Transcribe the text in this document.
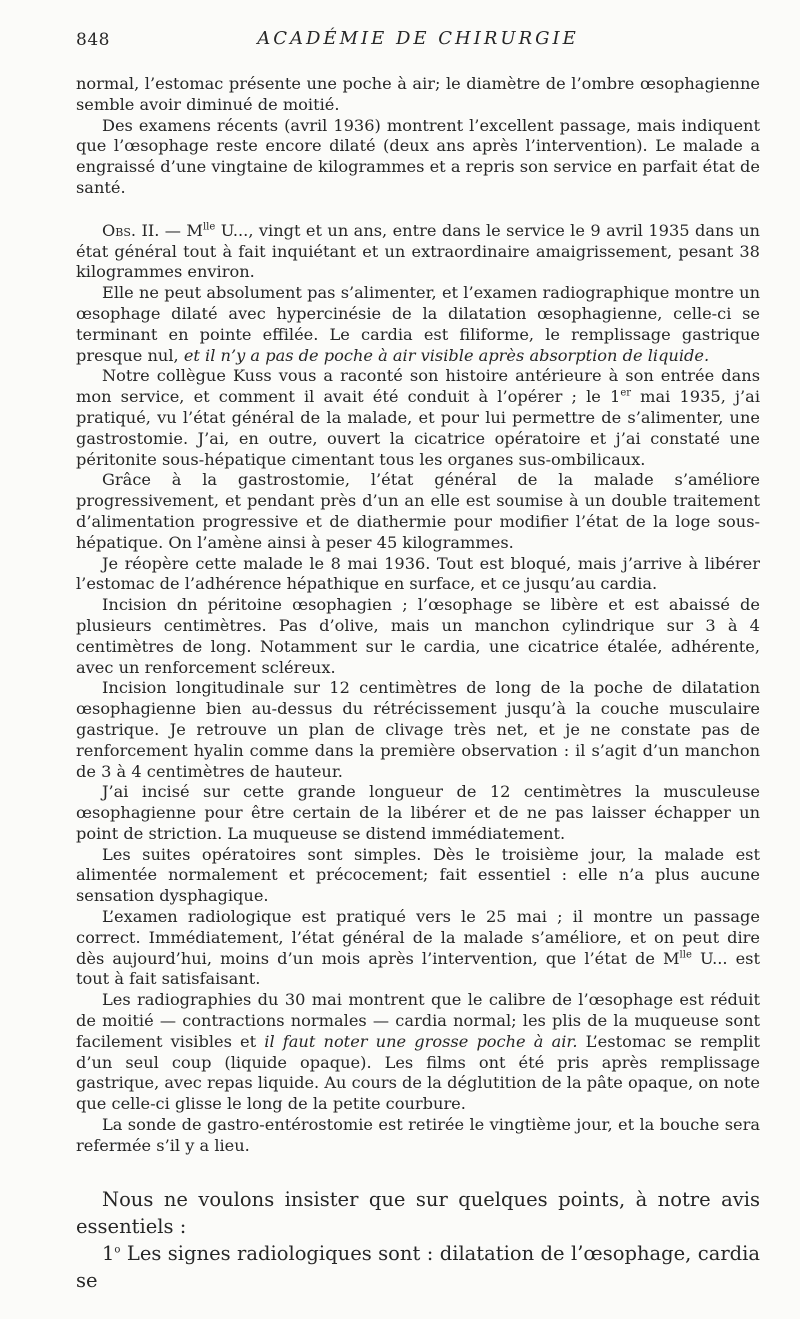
848	ACADÉMIE DE CHIRURGIE

normal, l’estomac présente une poche à air; le diamètre de l’ombre œsophagienne semble avoir diminué de moitié.

Des examens récents (avril 1936) montrent l’excellent passage, mais indiquent que l’œsophage reste encore dilaté (deux ans après l’intervention). Le malade a engraissé d’une vingtaine de kilogrammes et a repris son service en parfait état de santé.

Obs. II. — $M^{lle}$ U..., vingt et un ans, entre dans le service le 9 avril 1935 dans un état général tout à fait inquiétant et un extraordinaire amaigrissement, pesant 38 kilogrammes environ.

Elle ne peut absolument pas s’alimenter, et l’examen radiographique montre un œsophage dilaté avec hypercinésie de la dilatation œsophagienne, celle-ci se terminant en pointe effilée. Le cardia est filiforme, le remplissage gastrique presque nul, et il n’y a pas de poche à air visible après absorption de liquide.

Notre collègue Kuss vous a raconté son histoire antérieure à son entrée dans mon service, et comment il avait été conduit à l’opérer ; le 1er mai 1935, j’ai pratiqué, vu l’état général de la malade, et pour lui permettre de s’alimenter, une gastrostomie. J’ai, en outre, ouvert la cicatrice opératoire et j’ai constaté une péritonite sous-hépatique cimentant tous les organes sus-ombilicaux.

Grâce à la gastrostomie, l’état général de la malade s’améliore progressivement, et pendant près d’un an elle est soumise à un double traitement d’alimentation progressive et de diathermie pour modifier l’état de la loge sous-hépatique. On l’amène ainsi à peser 45 kilogrammes.

Je réopère cette malade le 8 mai 1936. Tout est bloqué, mais j’arrive à libérer l’estomac de l’adhérence hépathique en surface, et ce jusqu’au cardia.

Incision dn péritoine œsophagien ; l’œsophage se libère et est abaissé de plusieurs centimètres. Pas d’olive, mais un manchon cylindrique sur 3 à 4 centimètres de long. Notamment sur le cardia, une cicatrice étalée, adhérente, avec un renforcement scléreux.

Incision longitudinale sur 12 centimètres de long de la poche de dilatation œsophagienne bien au-dessus du rétrécissement jusqu’à la couche musculaire gastrique. Je retrouve un plan de clivage très net, et je ne constate pas de renforcement hyalin comme dans la première observation : il s’agit d’un manchon de 3 à 4 centimètres de hauteur.

J’ai incisé sur cette grande longueur de 12 centimètres la musculeuse œsophagienne pour être certain de la libérer et de ne pas laisser échapper un point de striction. La muqueuse se distend immédiatement.

Les suites opératoires sont simples. Dès le troisième jour, la malade est alimentée normalement et précocement; fait essentiel : elle n’a plus aucune sensation dysphagique.

L’examen radiologique est pratiqué vers le 25 mai ; il montre un passage correct. Immédiatement, l’état général de la malade s’améliore, et on peut dire dès aujourd’hui, moins d’un mois après l’intervention, que l’état de $M^{lle}$ U... est tout à fait satisfaisant.

Les radiographies du 30 mai montrent que le calibre de l’œsophage est réduit de moitié — contractions normales — cardia normal; les plis de la muqueuse sont facilement visibles et il faut noter une grosse poche à air. L’estomac se remplit d’un seul coup (liquide opaque). Les films ont été pris après remplissage gastrique, avec repas liquide. Au cours de la déglutition de la pâte opaque, on note que celle-ci glisse le long de la petite courbure.

La sonde de gastro-entérostomie est retirée le vingtième jour, et la bouche sera refermée s’il y a lieu.

Nous ne voulons insister que sur quelques points, à notre avis essentiels :

1$^o$ Les signes radiologiques sont : dilatation de l’œsophage, cardia se
